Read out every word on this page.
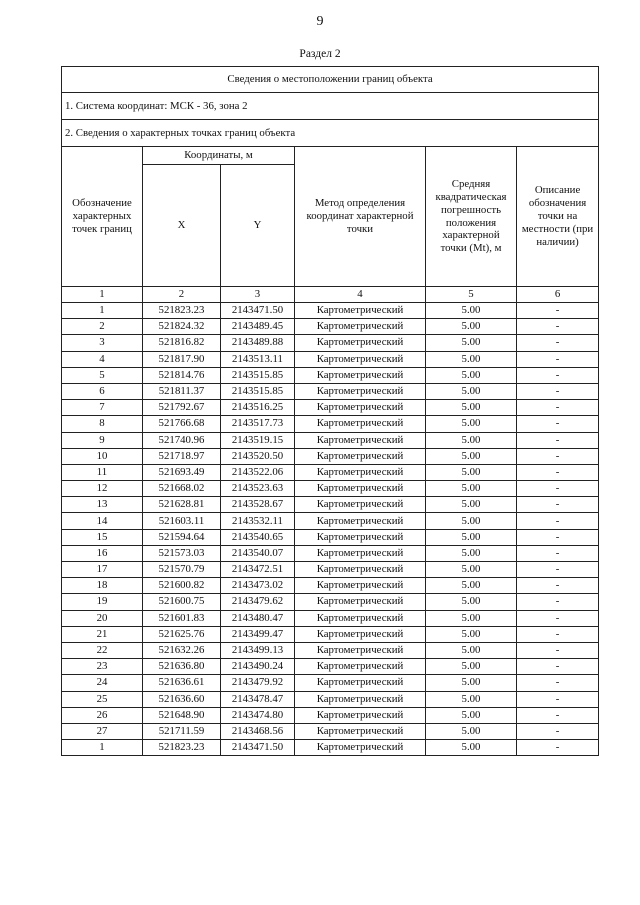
9
Раздел 2
Сведения о местоположении границ объекта					
1. Система координат: МСК - 36, зона 2					
2. Сведения о характерных точках границ объекта					
Обозначение характерных точек границ	Координаты, м		Метод определения координат характерной точки	Средняя квадратическая погрешность положения характерной точки (Mt), м	Описание обозначения точки на местности (при наличии)
	X	Y			
1	2	3	4	5	6
1	521823.23	2143471.50	Картометрический	5.00	-
2	521824.32	2143489.45	Картометрический	5.00	-
3	521816.82	2143489.88	Картометрический	5.00	-
4	521817.90	2143513.11	Картометрический	5.00	-
5	521814.76	2143515.85	Картометрический	5.00	-
6	521811.37	2143515.85	Картометрический	5.00	-
7	521792.67	2143516.25	Картометрический	5.00	-
8	521766.68	2143517.73	Картометрический	5.00	-
9	521740.96	2143519.15	Картометрический	5.00	-
10	521718.97	2143520.50	Картометрический	5.00	-
11	521693.49	2143522.06	Картометрический	5.00	-
12	521668.02	2143523.63	Картометрический	5.00	-
13	521628.81	2143528.67	Картометрический	5.00	-
14	521603.11	2143532.11	Картометрический	5.00	-
15	521594.64	2143540.65	Картометрический	5.00	-
16	521573.03	2143540.07	Картометрический	5.00	-
17	521570.79	2143472.51	Картометрический	5.00	-
18	521600.82	2143473.02	Картометрический	5.00	-
19	521600.75	2143479.62	Картометрический	5.00	-
20	521601.83	2143480.47	Картометрический	5.00	-
21	521625.76	2143499.47	Картометрический	5.00	-
22	521632.26	2143499.13	Картометрический	5.00	-
23	521636.80	2143490.24	Картометрический	5.00	-
24	521636.61	2143479.92	Картометрический	5.00	-
25	521636.60	2143478.47	Картометрический	5.00	-
26	521648.90	2143474.80	Картометрический	5.00	-
27	521711.59	2143468.56	Картометрический	5.00	-
1	521823.23	2143471.50	Картометрический	5.00	-
